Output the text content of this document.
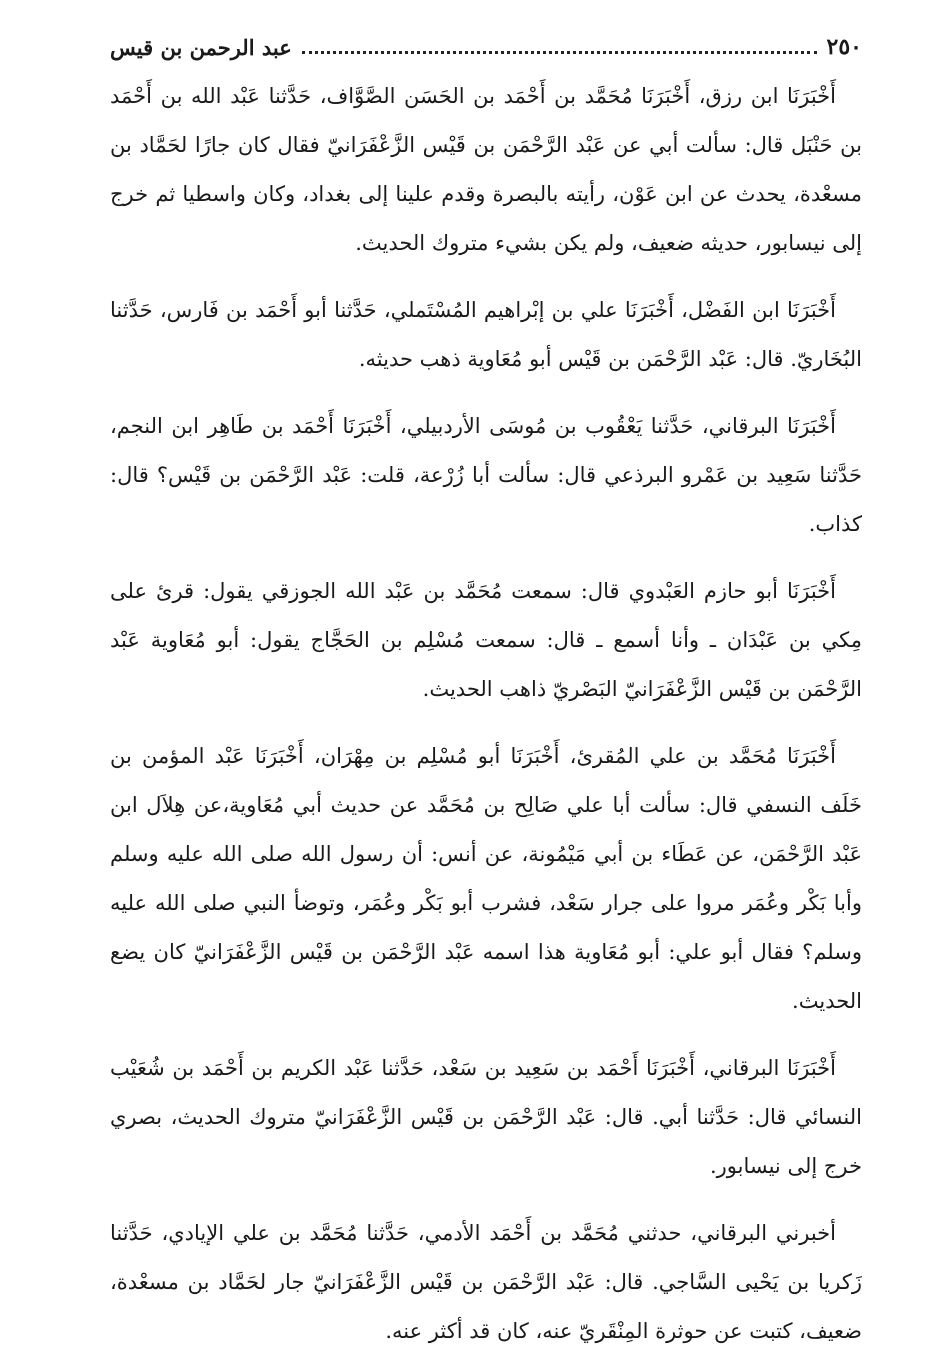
٢٥٠
عبد الرحمن بن قيس

أَخْبَرَنَا ابن رزق، أَخْبَرَنَا مُحَمَّد بن أَحْمَد بن الحَسَن الصَّوَّاف، حَدَّثنا عَبْد الله بن أَحْمَد بن حَنْبَل قال: سألت أبي عن عَبْد الرَّحْمَن بن قَيْس الزَّعْفَرَانيّ فقال كان جارًا لحَمَّاد بن مسعْدة، يحدث عن ابن عَوْن، رأيته بالبصرة وقدم علينا إلى بغداد، وكان واسطيا ثم خرج إلى نيسابور، حديثه ضعيف، ولم يكن بشيء متروك الحديث.

أَخْبَرَنَا ابن الفَضْل، أَخْبَرَنَا علي بن إبْراهيم المُسْتَملي، حَدَّثنا أبو أَحْمَد بن فَارس، حَدَّثنا البُخَاريّ. قال: عَبْد الرَّحْمَن بن قَيْس أبو مُعَاوية ذهب حديثه.

أَخْبَرَنَا البرقاني، حَدَّثنا يَعْقُوب بن مُوسَى الأردبيلي، أَخْبَرَنَا أَحْمَد بن طَاهِر ابن النجم، حَدَّثنا سَعِيد بن عَمْرو البرذعي قال: سألت أبا زُرْعة، قلت: عَبْد الرَّحْمَن بن قَيْس؟ قال: كذاب.

أَخْبَرَنَا أبو حازم العَبْدوي قال: سمعت مُحَمَّد بن عَبْد الله الجوزقي يقول: قرئ على مِكي بن عَبْدَان ـ وأنا أسمع ـ قال: سمعت مُسْلِم بن الحَجَّاج يقول: أبو مُعَاوية عَبْد الرَّحْمَن بن قَيْس الزَّعْفَرَانيّ البَصْريّ ذاهب الحديث.

أَخْبَرَنَا مُحَمَّد بن علي المُقرئ، أَخْبَرَنَا أبو مُسْلِم بن مِهْرَان، أَخْبَرَنَا عَبْد المؤمن بن خَلَف النسفي قال: سألت أبا علي صَالِح بن مُحَمَّد عن حديث أبي مُعَاوية،عن هِلاَل ابن عَبْد الرَّحْمَن، عن عَطَاء بن أبي مَيْمُونة، عن أنس: أن رسول الله صلى الله عليه وسلم وأبا بَكْر وعُمَر مروا على جرار سَعْد، فشرب أبو بَكْر وعُمَر، وتوضأ النبي صلى الله عليه وسلم؟ فقال أبو علي: أبو مُعَاوية هذا اسمه عَبْد الرَّحْمَن بن قَيْس الزَّعْفَرَانيّ كان يضع الحديث.

أَخْبَرَنَا البرقاني، أَخْبَرَنَا أَحْمَد بن سَعِيد بن سَعْد، حَدَّثنا عَبْد الكريم بن أَحْمَد بن شُعَيْب النسائي قال: حَدَّثنا أبي. قال: عَبْد الرَّحْمَن بن قَيْس الزَّعْفَرَانيّ متروك الحديث، بصري خرج إلى نيسابور.

أخبرني البرقاني، حدثني مُحَمَّد بن أَحْمَد الأدمي، حَدَّثنا مُحَمَّد بن علي الإيادي، حَدَّثنا زَكريا بن يَحْيى السَّاجي. قال: عَبْد الرَّحْمَن بن قَيْس الزَّعْفَرَانيّ جار لحَمَّاد بن مسعْدة، ضعيف، كتبت عن حوثرة المِنْقَريّ عنه، كان قد أكثر عنه.
